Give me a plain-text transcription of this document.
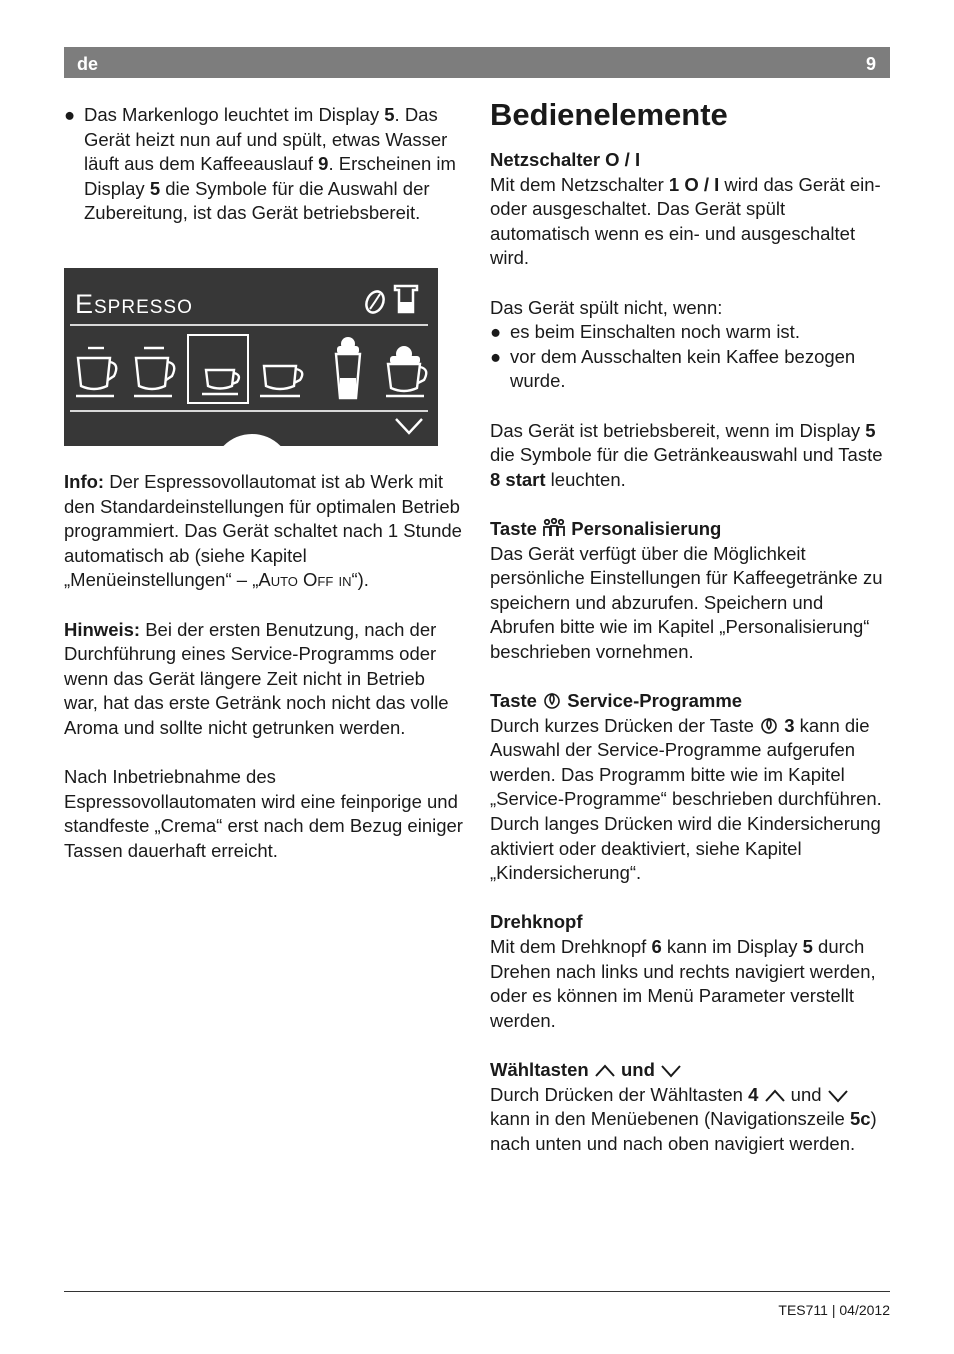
de	9

● Das Markenlogo leuchtet im Display 5. Das Gerät heizt nun auf und spült, etwas Wasser läuft aus dem Kaffeeauslauf 9. Erscheinen im Display 5 die Symbole für die Auswahl der Zubereitung, ist das Gerät betriebsbereit.

Espresso

Info: Der Espressovollautomat ist ab Werk mit den Standardeinstellungen für optimalen Betrieb programmiert. Das Gerät schaltet nach 1 Stunde automatisch ab (siehe Kapitel „Menüeinstellungen“ – „Auto Off in“).

Hinweis: Bei der ersten Benutzung, nach der Durchführung eines Service-Programms oder wenn das Gerät längere Zeit nicht in Betrieb war, hat das erste Getränk noch nicht das volle Aroma und sollte nicht getrunken werden.

Nach Inbetriebnahme des Espressovollautomaten wird eine feinporige und standfeste „Crema“ erst nach dem Bezug einiger Tassen dauerhaft erreicht.

Bedienelemente

Netzschalter O / I

Mit dem Netzschalter 1 O / I wird das Gerät ein- oder ausgeschaltet. Das Gerät spült automatisch wenn es ein- und ausgeschaltet wird.

Das Gerät spült nicht, wenn:

● es beim Einschalten noch warm ist.

● vor dem Ausschalten kein Kaffee bezogen wurde.

Das Gerät ist betriebsbereit, wenn im Display 5 die Symbole für die Getränkeauswahl und Taste 8 start leuchten.

Taste  Personalisierung

Das Gerät verfügt über die Möglichkeit persönliche Einstellungen für Kaffeegetränke zu speichern und abzurufen. Speichern und Abrufen bitte wie im Kapitel „Personalisierung“ beschrieben vornehmen.

Taste  Service-Programme

Durch kurzes Drücken der Taste  3 kann die Auswahl der Service-Programme aufgerufen werden. Das Programm bitte wie im Kapitel „Service-Programme“ beschrieben durchführen.

Durch langes Drücken wird die Kindersicherung aktiviert oder deaktiviert, siehe Kapitel „Kindersicherung“.

Drehknopf

Mit dem Drehknopf 6 kann im Display 5 durch Drehen nach links und rechts navigiert werden, oder es können im Menü Parameter verstellt werden.

Wähltasten  und

Durch Drücken der Wähltasten 4  und  kann in den Menüebenen (Navigationszeile 5c) nach unten und nach oben navigiert werden.

TES711 | 04/2012
